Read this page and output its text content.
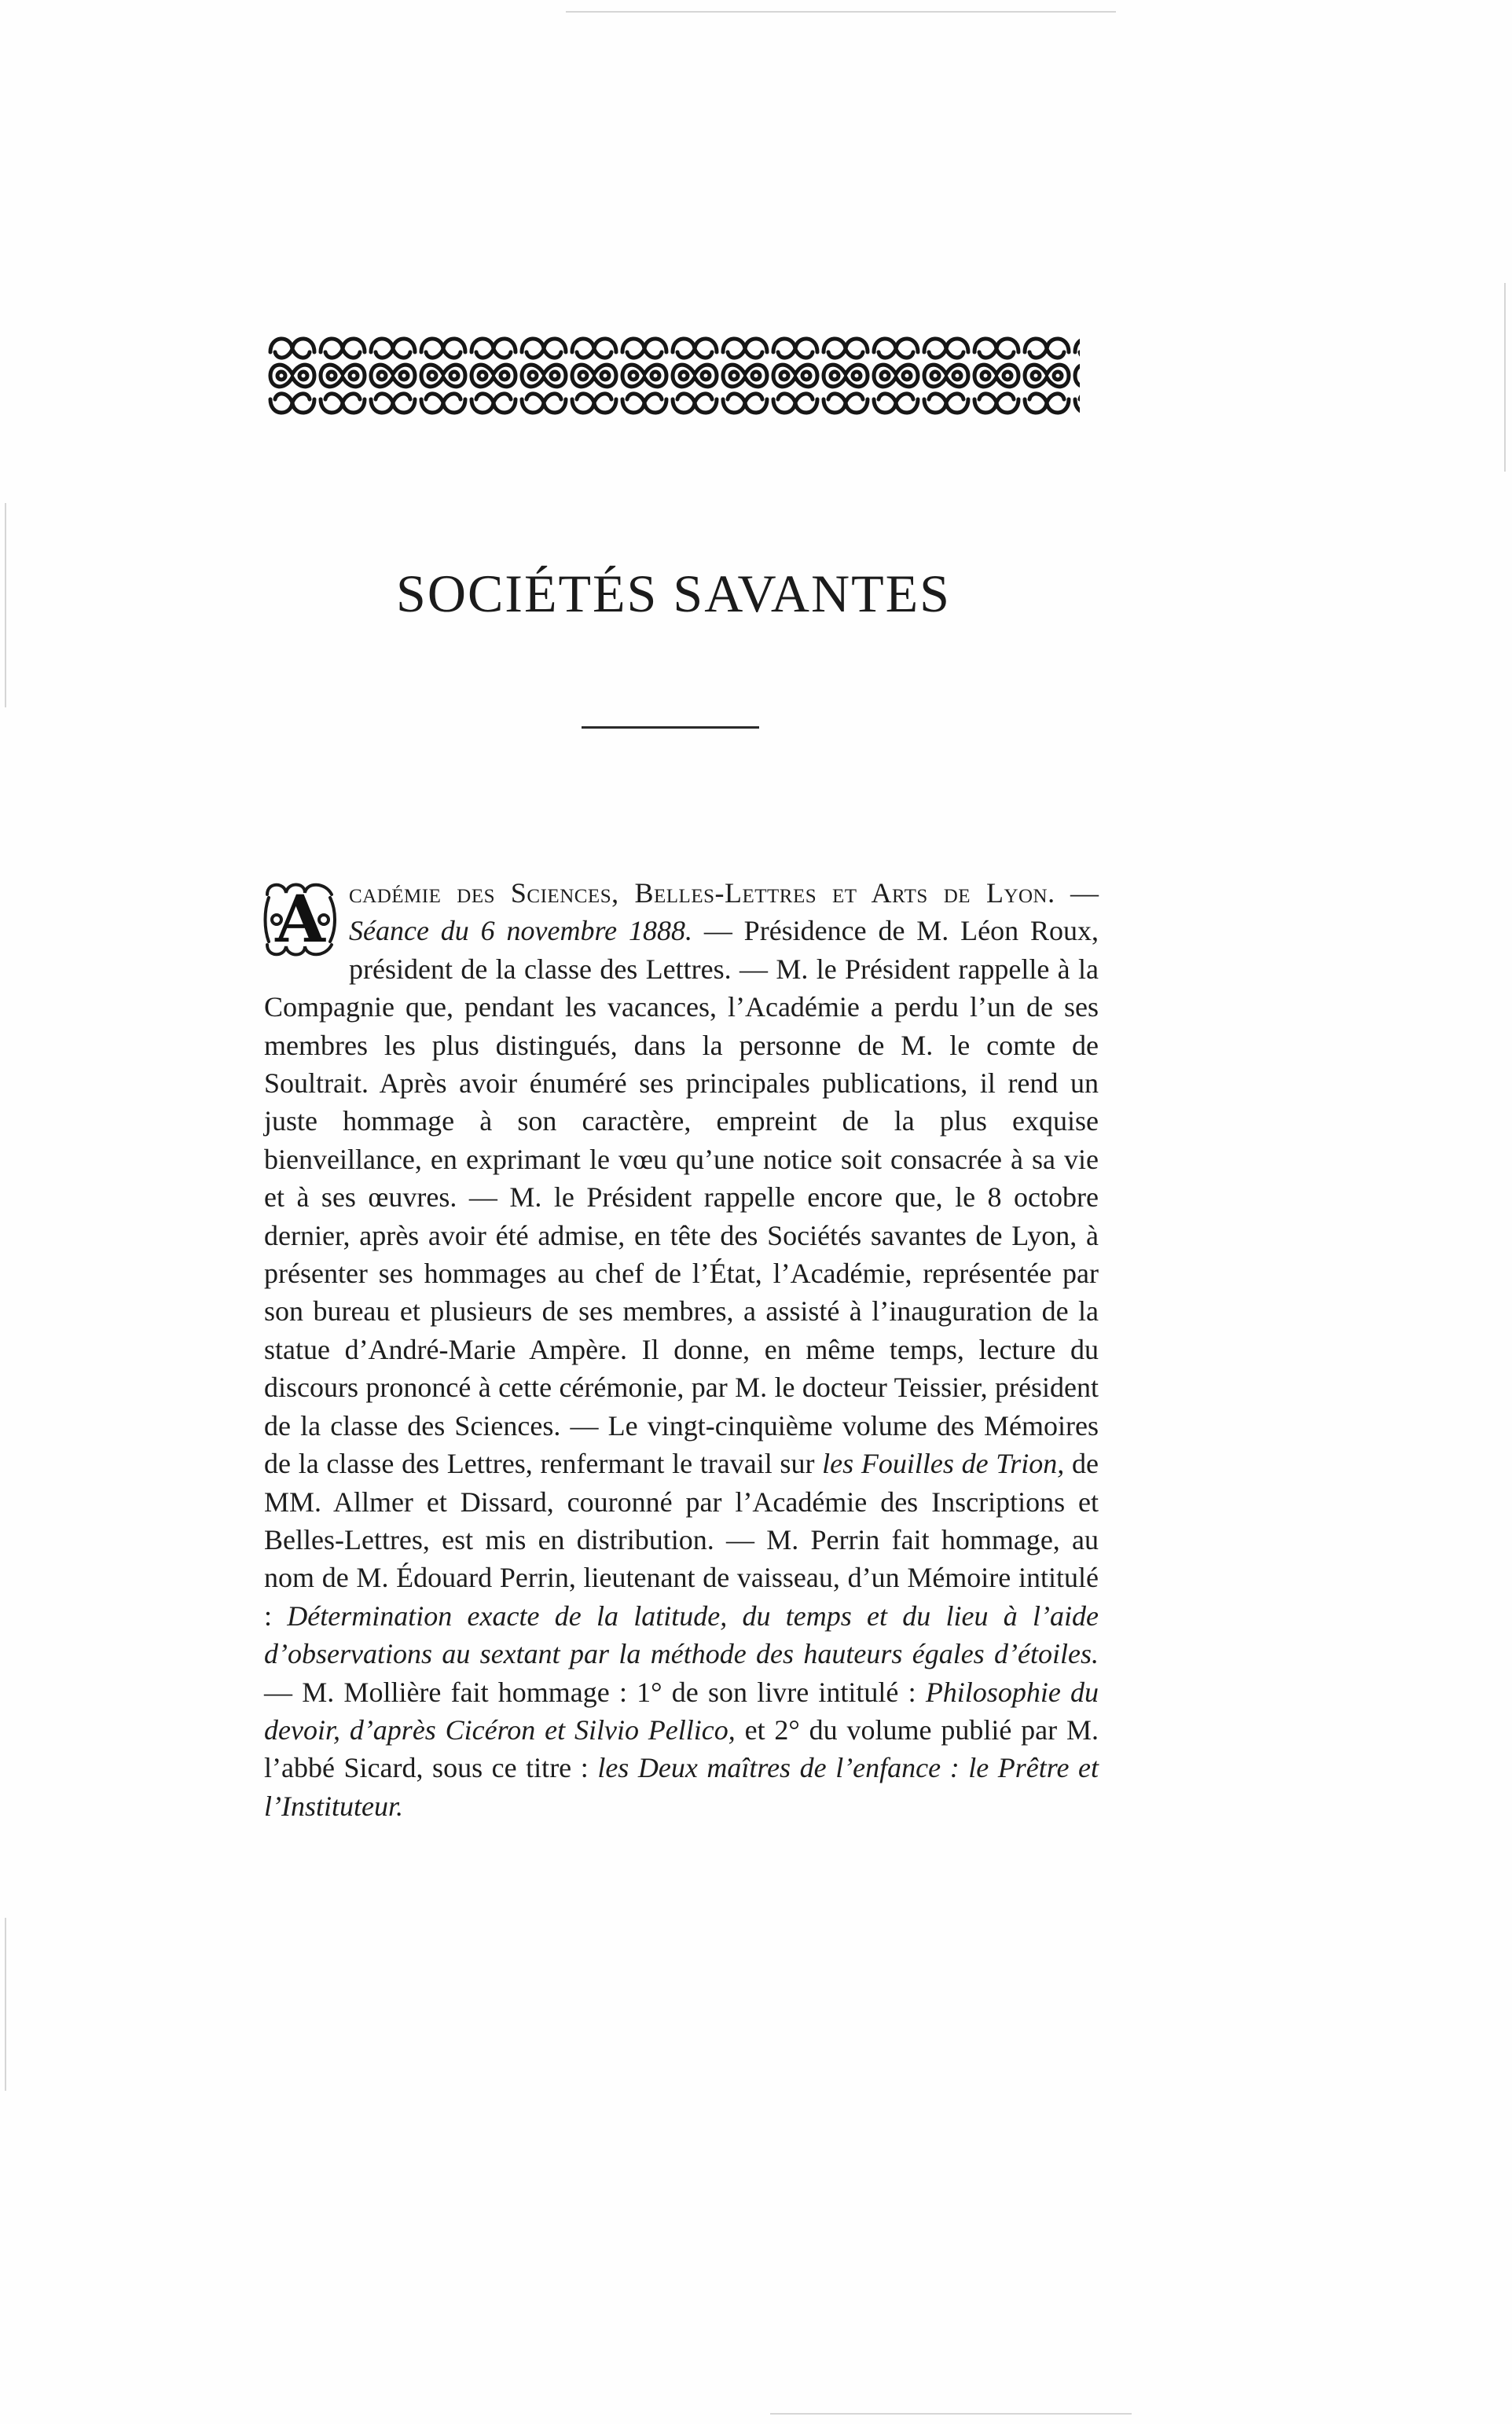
SOCIÉTÉS SAVANTES

A cadémie des Sciences, Belles-Lettres et Arts de Lyon. — Séance du 6 novembre 1888. — Présidence de M. Léon Roux, président de la classe des Lettres. — M. le Président rappelle à la Compagnie que, pendant les vacances, l’Académie a perdu l’un de ses membres les plus distingués, dans la personne de M. le comte de Soultrait. Après avoir énuméré ses principales publications, il rend un juste hommage à son caractère, empreint de la plus exquise bienveillance, en exprimant le vœu qu’une notice soit consacrée à sa vie et à ses œuvres. — M. le Président rappelle encore que, le 8 octobre dernier, après avoir été admise, en tête des Sociétés savantes de Lyon, à présenter ses hommages au chef de l’État, l’Académie, représentée par son bureau et plusieurs de ses membres, a assisté à l’inauguration de la statue d’André-Marie Ampère. Il donne, en même temps, lecture du discours prononcé à cette cérémonie, par M. le docteur Teissier, président de la classe des Sciences. — Le vingt-cinquième volume des Mémoires de la classe des Lettres, renfermant le travail sur les Fouilles de Trion, de MM. Allmer et Dissard, couronné par l’Académie des Inscriptions et Belles-Lettres, est mis en distribution. — M. Perrin fait hommage, au nom de M. Édouard Perrin, lieutenant de vaisseau, d’un Mémoire intitulé : Détermination exacte de la latitude, du temps et du lieu à l’aide d’observations au sextant par la méthode des hauteurs égales d’étoiles. — M. Mollière fait hommage : 1° de son livre intitulé : Philosophie du devoir, d’après Cicéron et Silvio Pellico, et 2° du volume publié par M. l’abbé Sicard, sous ce titre : les Deux maîtres de l’enfance : le Prêtre et l’Instituteur.
